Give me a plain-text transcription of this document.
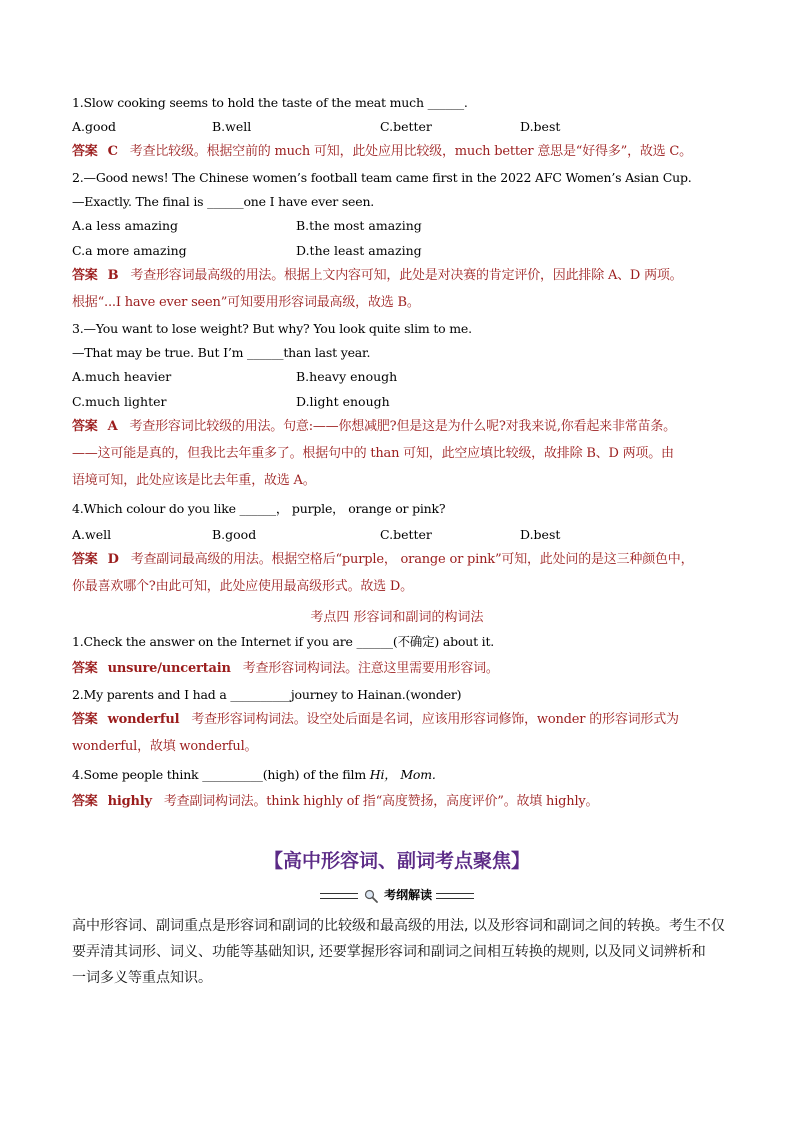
1.Slow cooking seems to hold the taste of the meat much ______.
A.good	B.well	C.better	D.best
答案 C 考查比较级。根据空前的 much 可知，此处应用比较级，much better 意思是“好得多”，故选 C。
2.—Good news! The Chinese women’s football team came first in the 2022 AFC Women’s Asian Cup.
—Exactly. The final is ______one I have ever seen.
A.a less amazing	B.the most amazing
C.a more amazing	D.the least amazing
答案 B 考查形容词最高级的用法。根据上文内容可知，此处是对决赛的肯定评价，因此排除 A、D 两项。
根据“...I have ever seen”可知要用形容词最高级，故选 B。
3.—You want to lose weight? But why? You look quite slim to me.
—That may be true. But I’m ______than last year.
A.much heavier	B.heavy enough
C.much lighter	D.light enough
答案 A 考查形容词比较级的用法。句意:——你想减肥?但是这是为什么呢?对我来说,你看起来非常苗条。
——这可能是真的，但我比去年重多了。根据句中的 than 可知，此空应填比较级，故排除 B、D 两项。由
语境可知，此处应该是比去年重，故选 A。
4.Which colour do you like ______， purple， orange or pink?
A.well	B.good	C.better	D.best
答案 D 考查副词最高级的用法。根据空格后“purple， orange or pink”可知，此处问的是这三种颜色中，
你最喜欢哪个?由此可知，此处应使用最高级形式。故选 D。
考点四 形容词和副词的构词法
1.Check the answer on the Internet if you are ______(不确定) about it.
答案 unsure/uncertain 考查形容词构词法。注意这里需要用形容词。
2.My parents and I had a __________journey to Hainan.(wonder)
答案 wonderful 考查形容词构词法。设空处后面是名词，应该用形容词修饰，wonder 的形容词形式为
wonderful，故填 wonderful。
4.Some people think __________(high) of the film Hi， Mom.
答案 highly 考查副词构词法。think highly of 指“高度赞扬，高度评价”。故填 highly。
【高中形容词、副词考点聚焦】
考纲解读
高中形容词、副词重点是形容词和副词的比较级和最高级的用法, 以及形容词和副词之间的转换。考生不仅
要弄清其词形、词义、功能等基础知识, 还要掌握形容词和副词之间相互转换的规则, 以及同义词辨析和
一词多义等重点知识。
